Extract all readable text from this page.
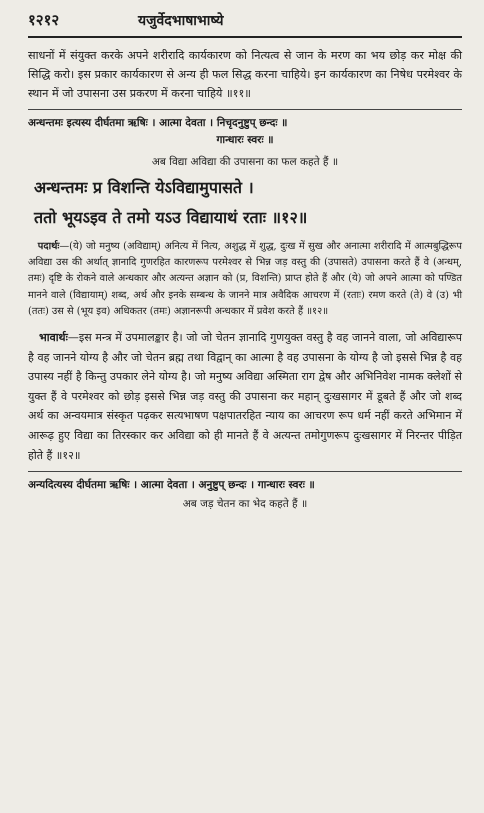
१२१२	यजुर्वेदभाषाभाष्ये

साधनों में संयुक्त करके अपने शरीरादि कार्यकारण को नित्यत्व से जान के मरण का भय छोड़ कर मोक्ष की सिद्धि करो। इस प्रकार कार्यकारण से अन्य ही फल सिद्ध करना चाहिये। इन कार्यकारण का निषेध परमेश्वर के स्थान में जो उपासना उस प्रकरण में करना चाहिये ॥११॥

अन्धन्तमः इत्यस्य दीर्घतमा ऋषिः । आत्मा देवता । निचृदनुष्टुप् छन्दः ॥

गान्धारः स्वरः ॥

अब विद्या अविद्या की उपासना का फल कहते हैं ॥

अन्धन्तमः प्र विशन्ति येऽविद्यामुपासते ।

ततो भूयऽइव ते तमो यऽउ विद्यायाथं रताः ॥१२॥

 पदार्थः—(ये) जो मनुष्य (अविद्याम्) अनित्य में नित्य, अशुद्ध में शुद्ध, दुःख में सुख और अनात्मा शरीरादि में आत्मबुद्धिरूप अविद्या उस की अर्थात् ज्ञानादि गुणरहित कारणरूप परमेश्वर से भिन्न जड़ वस्तु की (उपासते) उपासना करते हैं वे (अन्धम्, तमः) दृष्टि के रोकने वाले अन्धकार और अत्यन्त अज्ञान को (प्र, विशन्ति) प्राप्त होते हैं और (ये) जो अपने आत्मा को पण्डित मानने वाले (विद्यायाम्) शब्द, अर्थ और इनके सम्बन्ध के जानने मात्र अवैदिक आचरण में (रताः) रमण करते (ते) वे (उ) भी (ततः) उस से (भूय इव) अधिकतर (तमः) अज्ञानरूपी अन्धकार में प्रवेश करते हैं ॥१२॥

 भावार्थः—इस मन्त्र में उपमालङ्कार है। जो जो चेतन ज्ञानादि गुणयुक्त वस्तु है वह जानने वाला, जो अविद्यारूप है वह जानने योग्य है और जो चेतन ब्रह्म तथा विद्वान् का आत्मा है वह उपासना के योग्य है जो इससे भिन्न है वह उपास्य नहीं है किन्तु उपकार लेने योग्य है। जो मनुष्य अविद्या अस्मिता राग द्वेष और अभिनिवेश नामक क्लेशों से युक्त हैं वे परमेश्वर को छोड़ इससे भिन्न जड़ वस्तु की उपासना कर महान् दुःखसागर में डूबते हैं और जो शब्द अर्थ का अन्वयमात्र संस्कृत पढ़कर सत्यभाषण पक्षपातरहित न्याय का आचरण रूप धर्म नहीं करते अभिमान में आरूढ़ हुए विद्या का तिरस्कार कर अविद्या को ही मानते हैं वे अत्यन्त तमोगुणरूप दुःखसागर में निरन्तर पीड़ित होते हैं ॥१२॥

अन्यदित्यस्य दीर्घतमा ऋषिः । आत्मा देवता । अनुष्टुप् छन्दः । गान्धारः स्वरः ॥

अब जड़ चेतन का भेद कहते हैं ॥
